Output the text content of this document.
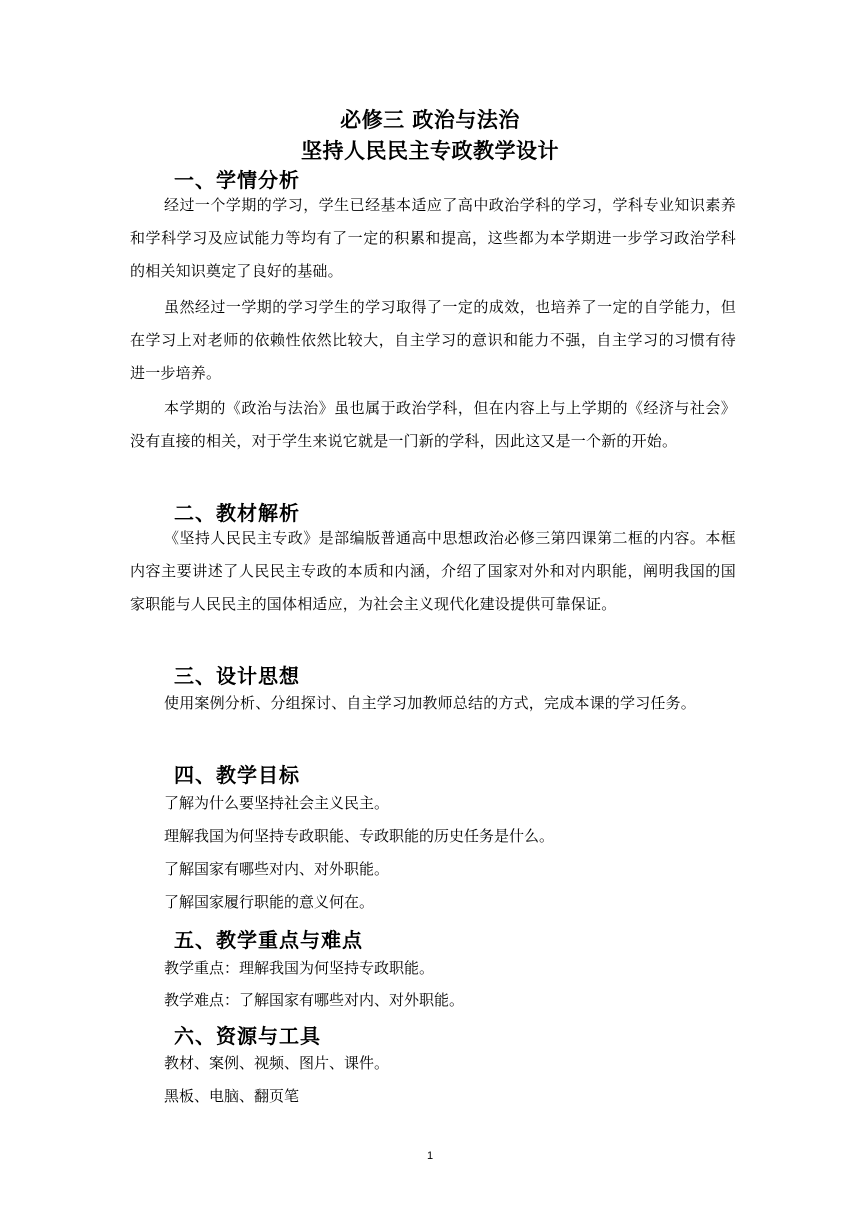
必修三 政治与法治
坚持人民民主专政教学设计
一、学情分析
经过一个学期的学习，学生已经基本适应了高中政治学科的学习，学科专业知识素养和学科学习及应试能力等均有了一定的积累和提高，这些都为本学期进一步学习政治学科的相关知识奠定了良好的基础。
虽然经过一学期的学习学生的学习取得了一定的成效，也培养了一定的自学能力，但在学习上对老师的依赖性依然比较大，自主学习的意识和能力不强，自主学习的习惯有待进一步培养。
本学期的《政治与法治》虽也属于政治学科，但在内容上与上学期的《经济与社会》没有直接的相关，对于学生来说它就是一门新的学科，因此这又是一个新的开始。
二、教材解析
《坚持人民民主专政》是部编版普通高中思想政治必修三第四课第二框的内容。本框内容主要讲述了人民民主专政的本质和内涵，介绍了国家对外和对内职能，阐明我国的国家职能与人民民主的国体相适应，为社会主义现代化建设提供可靠保证。
三、设计思想
使用案例分析、分组探讨、自主学习加教师总结的方式，完成本课的学习任务。
四、教学目标
了解为什么要坚持社会主义民主。
理解我国为何坚持专政职能、专政职能的历史任务是什么。
了解国家有哪些对内、对外职能。
了解国家履行职能的意义何在。
五、教学重点与难点
教学重点：理解我国为何坚持专政职能。
教学难点：了解国家有哪些对内、对外职能。
六、资源与工具
教材、案例、视频、图片、课件。
黑板、电脑、翻页笔
1
